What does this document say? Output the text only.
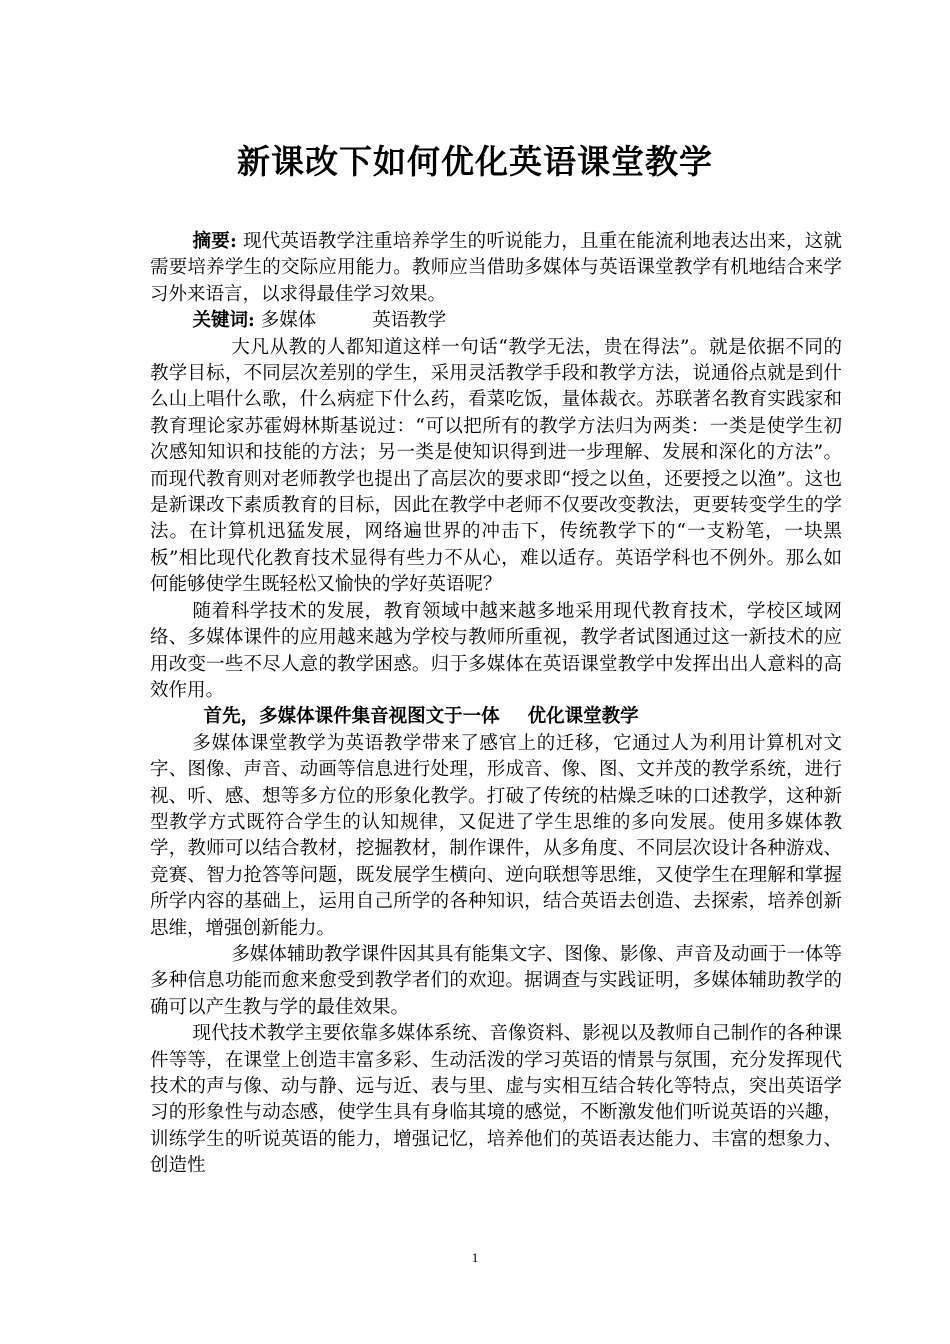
新课改下如何优化英语课堂教学

摘要: 现代英语教学注重培养学生的听说能力，且重在能流利地表达出来，这就需要培养学生的交际应用能力。教师应当借助多媒体与英语课堂教学有机地结合来学习外来语言，以求得最佳学习效果。

关键词: 多媒体	英语教学

大凡从教的人都知道这样一句话“教学无法，贵在得法”。就是依据不同的教学目标，不同层次差别的学生，采用灵活教学手段和教学方法，说通俗点就是到什么山上唱什么歌，什么病症下什么药，看菜吃饭，量体裁衣。苏联著名教育实践家和教育理论家苏霍姆林斯基说过：“可以把所有的教学方法归为两类：一类是使学生初次感知知识和技能的方法；另一类是使知识得到进一步理解、发展和深化的方法”。而现代教育则对老师教学也提出了高层次的要求即“授之以鱼，还要授之以渔”。这也是新课改下素质教育的目标，因此在教学中老师不仅要改变教法，更要转变学生的学法。在计算机迅猛发展，网络遍世界的冲击下，传统教学下的“一支粉笔，一块黑板”相比现代化教育技术显得有些力不从心，难以适存。英语学科也不例外。那么如何能够使学生既轻松又愉快的学好英语呢？

随着科学技术的发展，教育领域中越来越多地采用现代教育技术，学校区域网络、多媒体课件的应用越来越为学校与教师所重视，教学者试图通过这一新技术的应用改变一些不尽人意的教学困惑。归于多媒体在英语课堂教学中发挥出出人意料的高效作用。

首先，多媒体课件集音视图文于一体 优化课堂教学

多媒体课堂教学为英语教学带来了感官上的迁移，它通过人为利用计算机对文字、图像、声音、动画等信息进行处理，形成音、像、图、文并茂的教学系统，进行视、听、感、想等多方位的形象化教学。打破了传统的枯燥乏味的口述教学，这种新型教学方式既符合学生的认知规律，又促进了学生思维的多向发展。使用多媒体教学，教师可以结合教材，挖掘教材，制作课件，从多角度、不同层次设计各种游戏、竞赛、智力抢答等问题，既发展学生横向、逆向联想等思维，又使学生在理解和掌握所学内容的基础上，运用自己所学的各种知识，结合英语去创造、去探索，培养创新思维，增强创新能力。

多媒体辅助教学课件因其具有能集文字、图像、影像、声音及动画于一体等多种信息功能而愈来愈受到教学者们的欢迎。据调查与实践证明，多媒体辅助教学的确可以产生教与学的最佳效果。

现代技术教学主要依靠多媒体系统、音像资料、影视以及教师自己制作的各种课件等等，在课堂上创造丰富多彩、生动活泼的学习英语的情景与氛围，充分发挥现代技术的声与像、动与静、远与近、表与里、虚与实相互结合转化等特点，突出英语学习的形象性与动态感，使学生具有身临其境的感觉，不断激发他们听说英语的兴趣，训练学生的听说英语的能力，增强记忆，培养他们的英语表达能力、丰富的想象力、创造性

1
